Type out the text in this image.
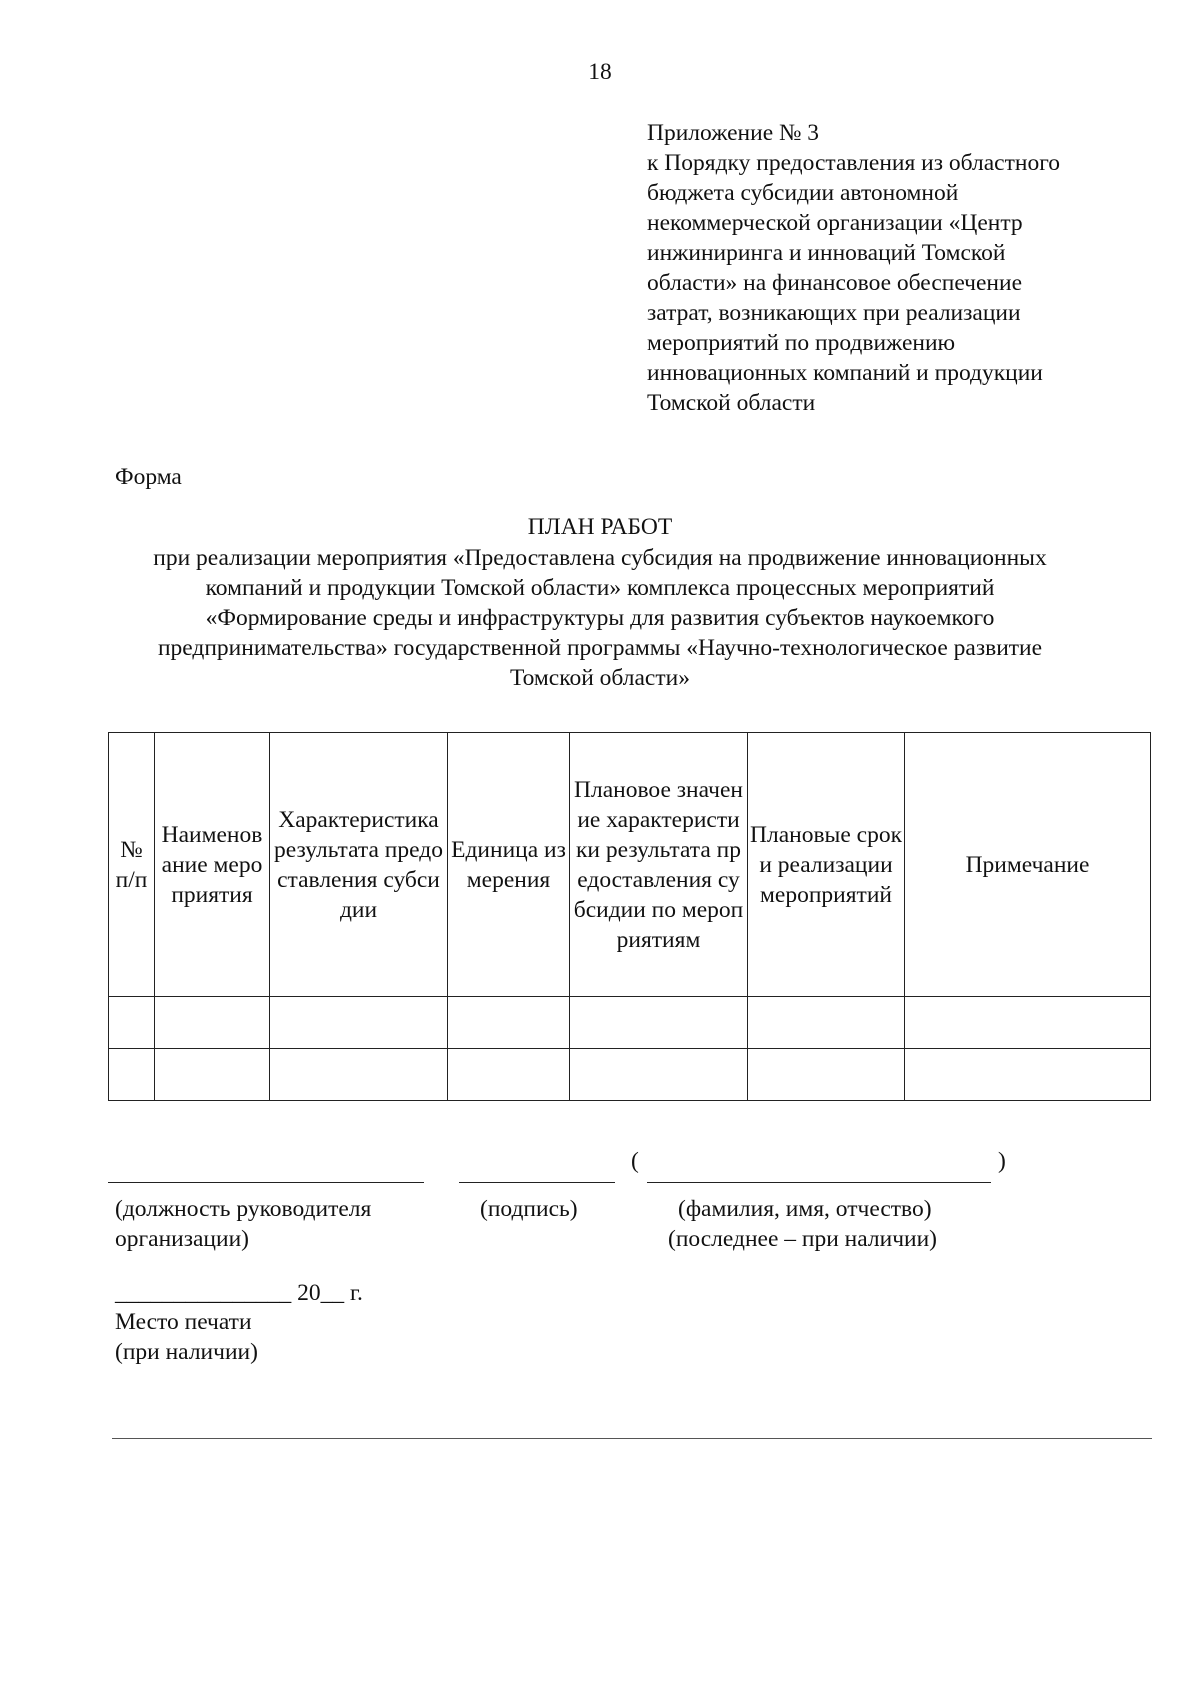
18
Приложение № 3
к Порядку предоставления из областного
бюджета субсидии автономной
некоммерческой организации «Центр
инжиниринга и инноваций Томской
области» на финансовое обеспечение
затрат, возникающих при реализации
мероприятий по продвижению
инновационных компаний и продукции
Томской области
Форма
ПЛАН РАБОТ
при реализации мероприятия «Предоставлена субсидия на продвижение инновационных
компаний и продукции Томской области» комплекса процессных мероприятий
«Формирование среды и инфраструктуры для развития субъектов наукоемкого
предпринимательства» государственной программы «Научно-технологическое развитие
Томской области»
№ п/п	Наименование мероприятия	Характеристика результата предоставления субсидии	Единица измерения	Плановое значение характеристики результата предоставления субсидии по мероприятиям	Плановые сроки реализации мероприятий	Примечание

(	)
(должность руководителя
организации)
(подпись)	(фамилия, имя, отчество)
(последнее – при наличии)
_______________ 20__ г.
Место печати
(при наличии)
